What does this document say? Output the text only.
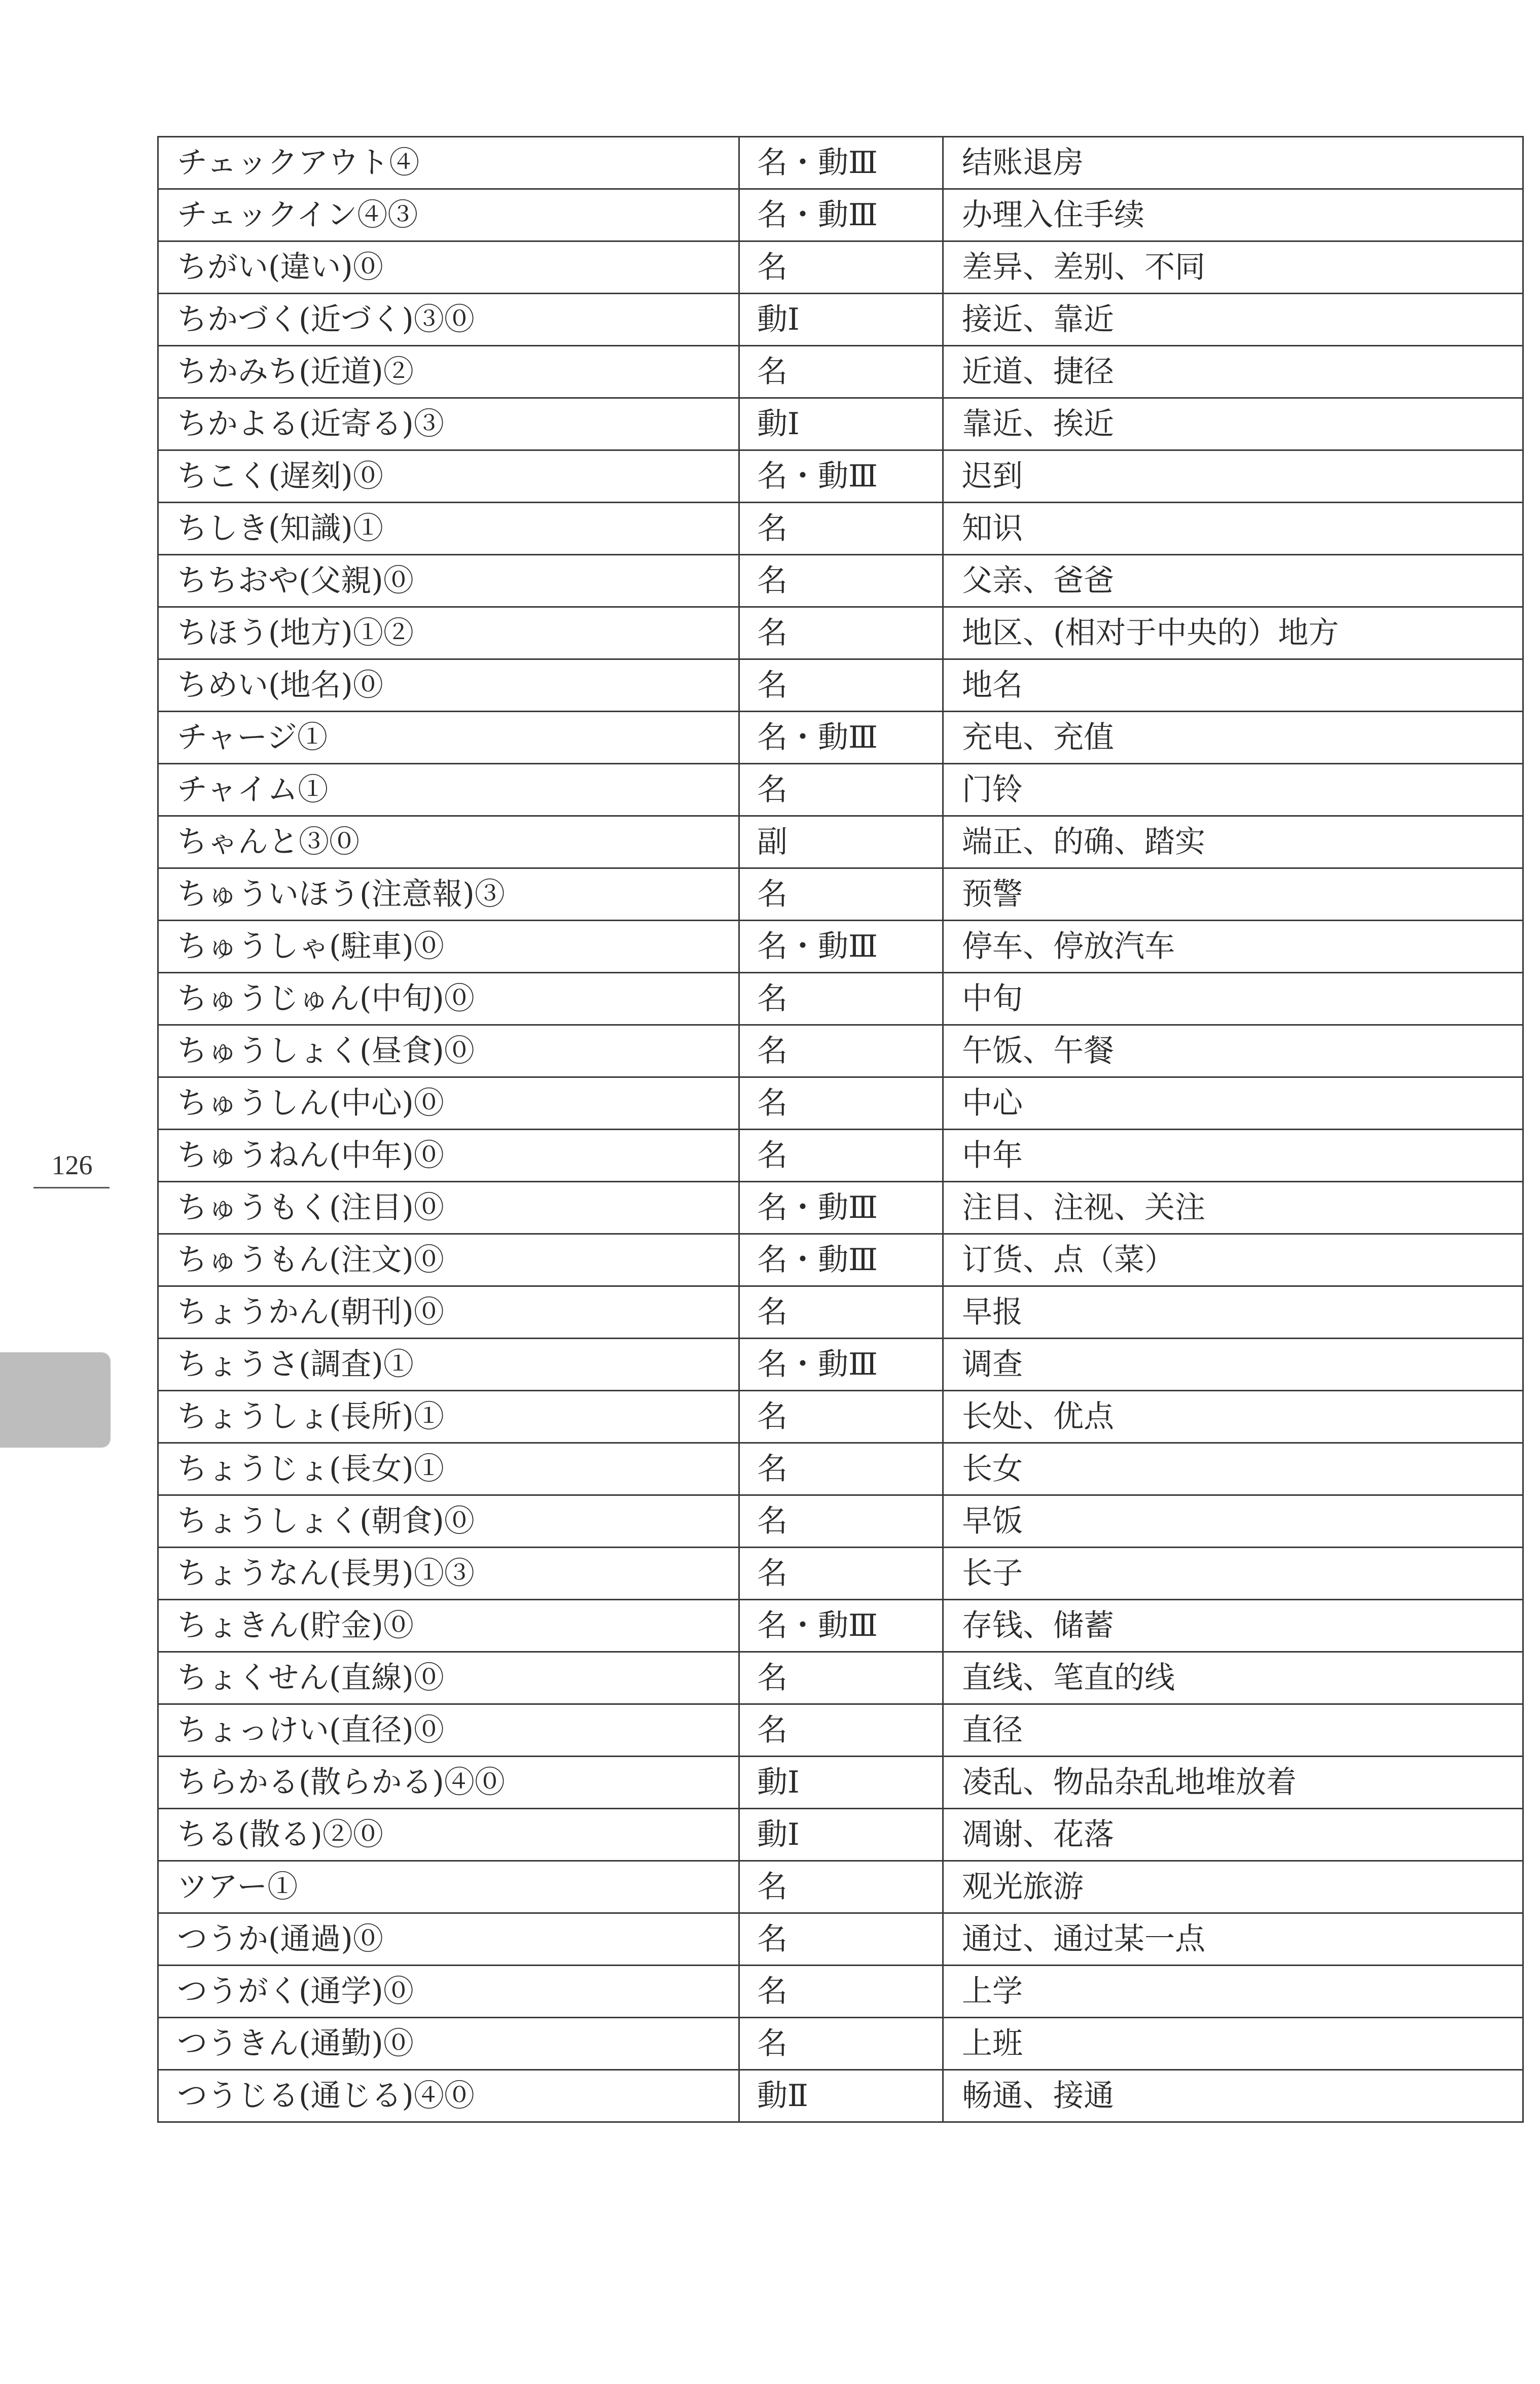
126
チェックアウト④	名・動Ⅲ	结账退房
チェックイン④③	名・動Ⅲ	办理入住手续
ちがい(違い)⓪	名	差异、差别、不同
ちかづく(近づく)③⓪	動Ⅰ	接近、靠近
ちかみち(近道)②	名	近道、捷径
ちかよる(近寄る)③	動Ⅰ	靠近、挨近
ちこく(遅刻)⓪	名・動Ⅲ	迟到
ちしき(知識)①	名	知识
ちちおや(父親)⓪	名	父亲、爸爸
ちほう(地方)①②	名	地区、(相对于中央的）地方
ちめい(地名)⓪	名	地名
チャージ①	名・動Ⅲ	充电、充值
チャイム①	名	门铃
ちゃんと③⓪	副	端正、的确、踏实
ちゅういほう(注意報)③	名	预警
ちゅうしゃ(駐車)⓪	名・動Ⅲ	停车、停放汽车
ちゅうじゅん(中旬)⓪	名	中旬
ちゅうしょく(昼食)⓪	名	午饭、午餐
ちゅうしん(中心)⓪	名	中心
ちゅうねん(中年)⓪	名	中年
ちゅうもく(注目)⓪	名・動Ⅲ	注目、注视、关注
ちゅうもん(注文)⓪	名・動Ⅲ	订货、点（菜）
ちょうかん(朝刊)⓪	名	早报
ちょうさ(調査)①	名・動Ⅲ	调查
ちょうしょ(長所)①	名	长处、优点
ちょうじょ(長女)①	名	长女
ちょうしょく(朝食)⓪	名	早饭
ちょうなん(長男)①③	名	长子
ちょきん(貯金)⓪	名・動Ⅲ	存钱、储蓄
ちょくせん(直線)⓪	名	直线、笔直的线
ちょっけい(直径)⓪	名	直径
ちらかる(散らかる)④⓪	動Ⅰ	凌乱、物品杂乱地堆放着
ちる(散る)②⓪	動Ⅰ	凋谢、花落
ツアー①	名	观光旅游
つうか(通過)⓪	名	通过、通过某一点
つうがく(通学)⓪	名	上学
つうきん(通勤)⓪	名	上班
つうじる(通じる)④⓪	動Ⅱ	畅通、接通
